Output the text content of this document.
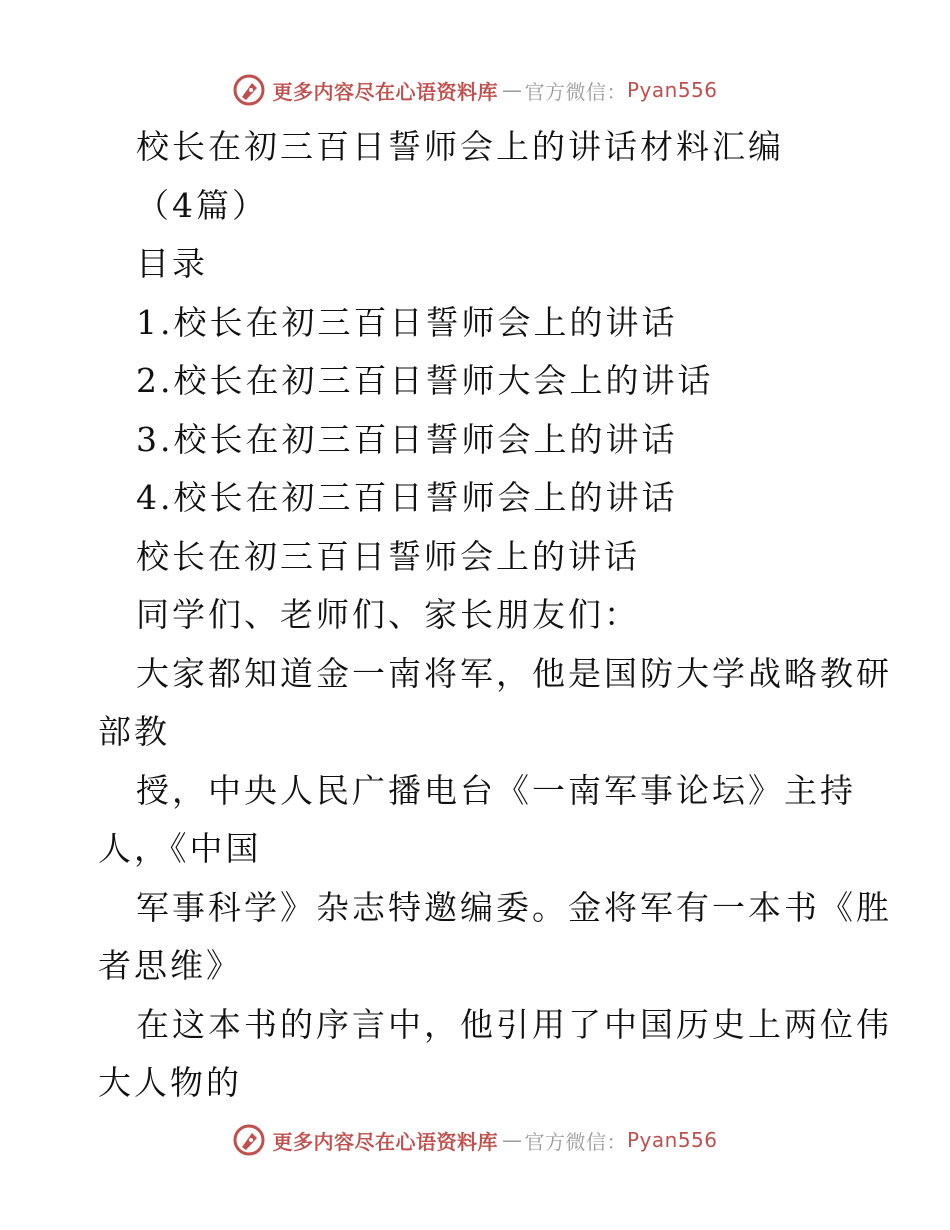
更多内容尽在心语资料库 — 官方微信： Pyan556
校长在初三百日誓师会上的讲话材料汇编
（4篇）
目录
1.校长在初三百日誓师会上的讲话
2.校长在初三百日誓师大会上的讲话
3.校长在初三百日誓师会上的讲话
4.校长在初三百日誓师会上的讲话
校长在初三百日誓师会上的讲话
同学们、老师们、家长朋友们：
大家都知道金一南将军，他是国防大学战略教研
部教
授，中央人民广播电台《一南军事论坛》主持
人，《中国
军事科学》杂志特邀编委。金将军有一本书《胜
者思维》
在这本书的序言中，他引用了中国历史上两位伟
大人物的
更多内容尽在心语资料库 — 官方微信： Pyan556
